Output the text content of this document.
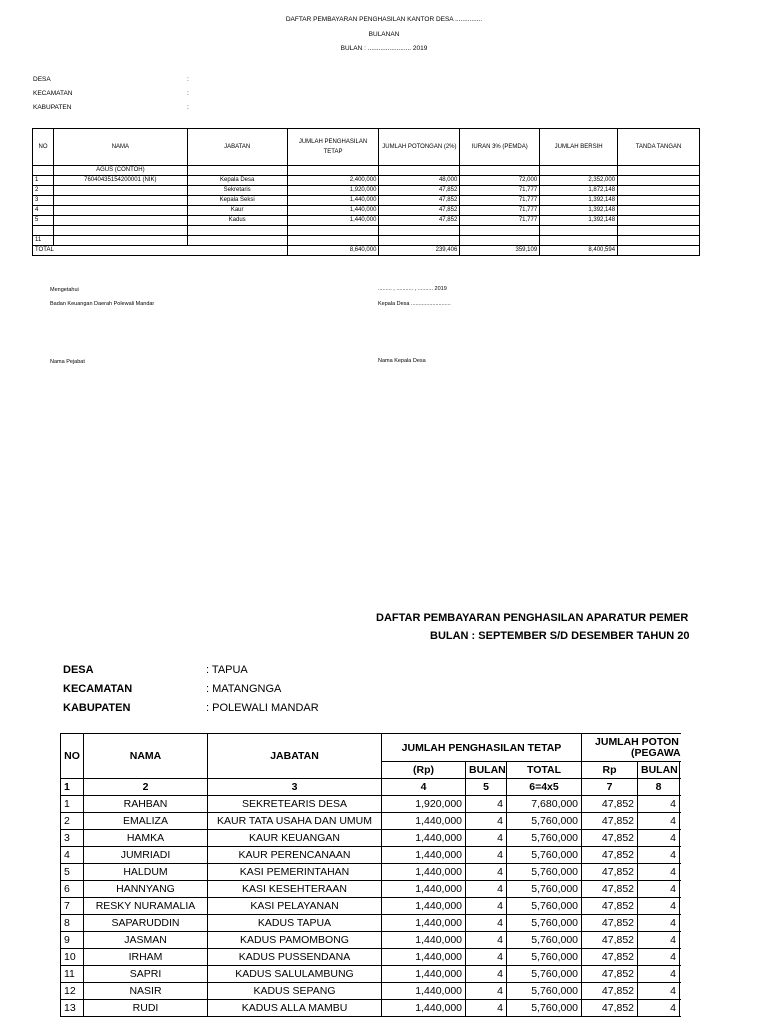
DAFTAR PEMBAYARAN PENGHASILAN KANTOR DESA ...............
BULANAN
BULAN : ........................ 2019
DESA	:
KECAMATAN	:
KABUPATEN	:
NO	NAMA	JABATAN	JUMLAH PENGHASILAN TETAP	JUMLAH POTONGAN (2%)	IURAN 3% (PEMDA)	JUMLAH BERSIH	TANDA TANGAN
	AGUS (CONTOH)						
1	76040435154200001 (NIK)	Kepala Desa	2,400,000	48,000	72,000	2,352,000	
2		Sekretaris	1,920,000	47,852	71,777	1,872,148	
3		Kepala Seksi	1,440,000	47,852	71,777	1,392,148	
4		Kaur	1,440,000	47,852	71,777	1,392,148	
5		Kadus	1,440,000	47,852	71,777	1,392,148	

11							
TOTAL			8,640,000	239,406	359,109	8,400,594	
Mengetahui
Badan Keuangan Daerah Polewali Mandar
Nama Pejabat
......... , ........... , .......... 2019
Kepala Desa ..........................
Nama Kepala Desa
DAFTAR PEMBAYARAN PENGHASILAN APARATUR PEMER
BULAN : SEPTEMBER S/D DESEMBER TAHUN 20
DESA	: TAPUA
KECAMATAN	: MATANGNGA
KABUPATEN	: POLEWALI MANDAR
NO	NAMA	JABATAN	JUMLAH PENGHASILAN TETAP			JUMLAH POTON
(PEGAWA		

			(Rp)	BULAN	TOTAL	Rp	BULAN	
1	2	3	4	5	6=4x5	7	8	
1	RAHBAN	SEKRETEARIS DESA	1,920,000	4	7,680,000	47,852	4	
2	EMALIZA	KAUR TATA USAHA DAN UMUM	1,440,000	4	5,760,000	47,852	4	
3	HAMKA	KAUR KEUANGAN	1,440,000	4	5,760,000	47,852	4	
4	JUMRIADI	KAUR PERENCANAAN	1,440,000	4	5,760,000	47,852	4	
5	HALDUM	KASI PEMERINTAHAN	1,440,000	4	5,760,000	47,852	4	
6	HANNYANG	KASI KESEHTERAAN	1,440,000	4	5,760,000	47,852	4	
7	RESKY NURAMALIA	KASI PELAYANAN	1,440,000	4	5,760,000	47,852	4	
8	SAPARUDDIN	KADUS TAPUA	1,440,000	4	5,760,000	47,852	4	
9	JASMAN	KADUS PAMOMBONG	1,440,000	4	5,760,000	47,852	4	
10	IRHAM	KADUS PUSSENDANA	1,440,000	4	5,760,000	47,852	4	
11	SAPRI	KADUS SALULAMBUNG	1,440,000	4	5,760,000	47,852	4	
12	NASIR	KADUS SEPANG	1,440,000	4	5,760,000	47,852	4	
13	RUDI	KADUS ALLA MAMBU	1,440,000	4	5,760,000	47,852	4	
